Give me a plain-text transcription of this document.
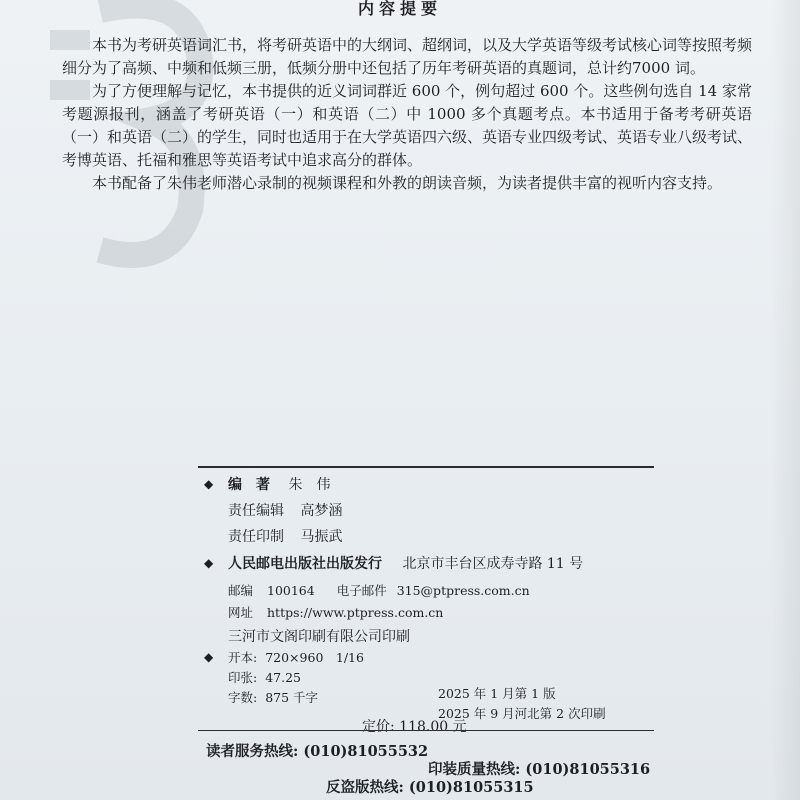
内容提要

本书为考研英语词汇书，将考研英语中的大纲词、超纲词，以及大学英语等级考试核心词等按照考频细分为了高频、中频和低频三册，低频分册中还包括了历年考研英语的真题词，总计约7000 词。

为了方便理解与记忆，本书提供的近义词词群近 600 个，例句超过 600 个。这些例句选自 14 家常考题源报刊，涵盖了考研英语（一）和英语（二）中 1000 多个真题考点。本书适用于备考考研英语（一）和英语（二）的学生，同时也适用于在大学英语四六级、英语专业四级考试、英语专业八级考试、考博英语、托福和雅思等英语考试中追求高分的群体。

本书配备了朱伟老师潜心录制的视频课程和外教的朗读音频，为读者提供丰富的视听内容支持。

◆ 编　著 朱　伟
责任编辑 高梦涵
责任印制 马振武
◆ 人民邮电出版社出版发行 北京市丰台区成寿寺路 11 号
邮编 100164 电子邮件 315@ptpress.com.cn
网址 https://www.ptpress.com.cn
三河市文阁印刷有限公司印刷
◆ 开本: 720×960　1/16
印张: 47.25
字数: 875 千字	2025 年 1 月第 1 版
2025 年 9 月河北第 2 次印刷
定价: 118.00 元
读者服务热线: (010)81055532
印装质量热线: (010)81055316
反盗版热线: (010)81055315
